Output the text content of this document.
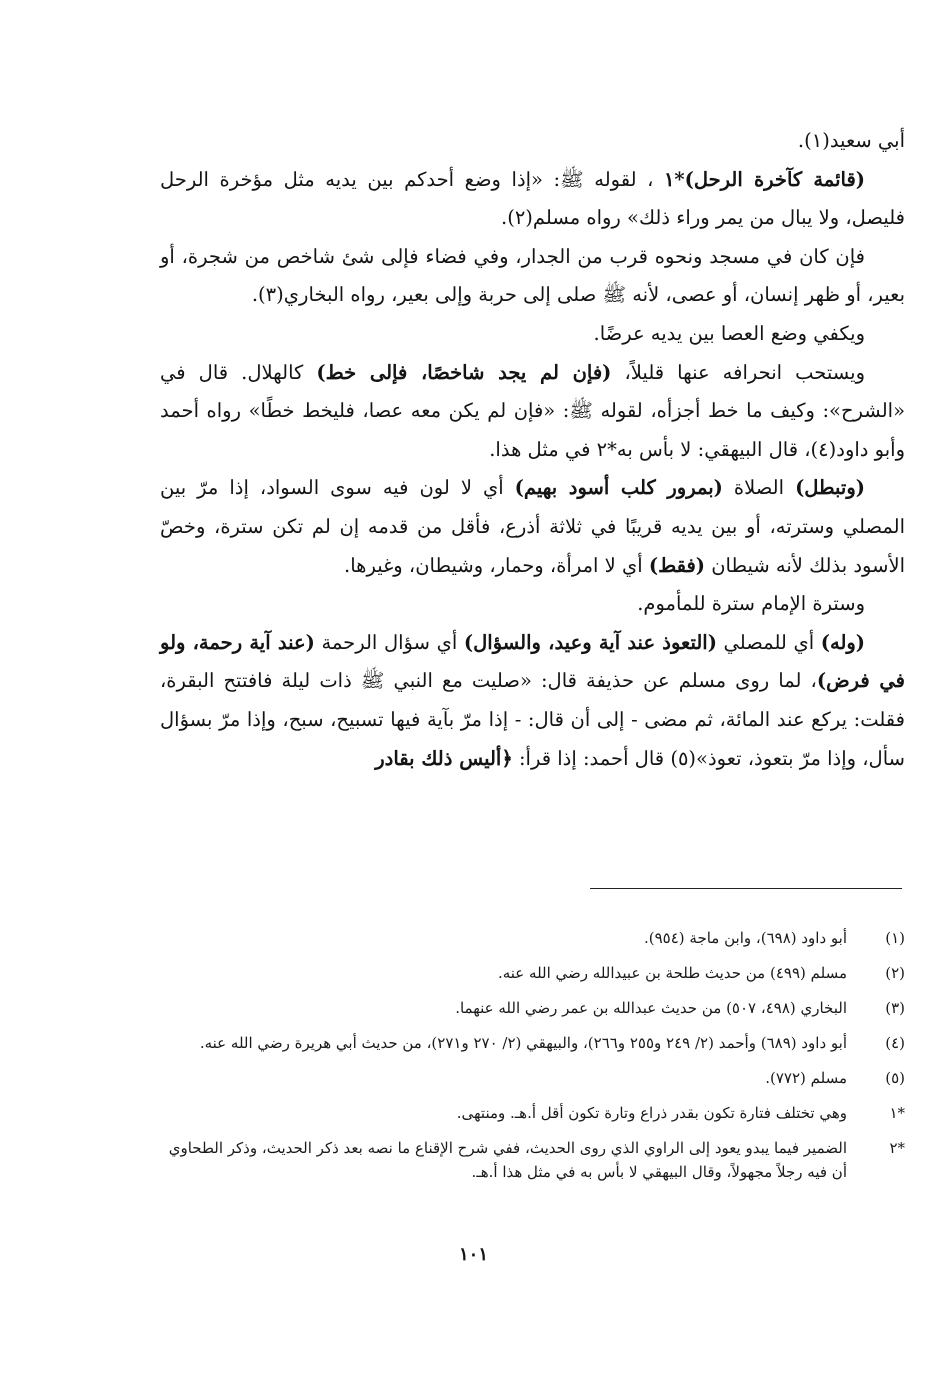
أبي سعيد(١).

(قائمة كآخرة الرحل)*١ ، لقوله ﷺ: «إذا وضع أحدكم بين يديه مثل مؤخرة الرحل فليصل، ولا يبال من يمر وراء ذلك» رواه مسلم(٢).

فإن كان في مسجد ونحوه قرب من الجدار، وفي فضاء فإلى شئ شاخص من شجرة، أو بعير، أو ظهر إنسان، أو عصى، لأنه ﷺ صلى إلى حربة وإلى بعير، رواه البخاري(٣).

ويكفي وضع العصا بين يديه عرضًا.

ويستحب انحرافه عنها قليلاً، (فإن لم يجد شاخصًا، فإلى خط) كالهلال. قال في «الشرح»: وكيف ما خط أجزأه، لقوله ﷺ: «فإن لم يكن معه عصا، فليخط خطًا» رواه أحمد وأبو داود(٤)، قال البيهقي: لا بأس به*٢ في مثل هذا.

(وتبطل) الصلاة (بمرور كلب أسود بهيم) أي لا لون فيه سوى السواد، إذا مرّ بين المصلي وسترته، أو بين يديه قريبًا في ثلاثة أذرع، فأقل من قدمه إن لم تكن سترة، وخصّ الأسود بذلك لأنه شيطان (فقط) أي لا امرأة، وحمار، وشيطان، وغيرها.

وسترة الإمام سترة للمأموم.

(وله) أي للمصلي (التعوذ عند آية وعيد، والسؤال) أي سؤال الرحمة (عند آية رحمة، ولو في فرض)، لما روى مسلم عن حذيفة قال: «صليت مع النبي ﷺ ذات ليلة فافتتح البقرة، فقلت: يركع عند المائة، ثم مضى - إلى أن قال: - إذا مرّ بآية فيها تسبيح، سبح، وإذا مرّ بسؤال سأل، وإذا مرّ بتعوذ، تعوذ»(٥) قال أحمد: إذا قرأ: ﴿أليس ذلك بقادر

(١)
أبو داود (٦٩٨)، وابن ماجة (٩٥٤).
(٢)
مسلم (٤٩٩) من حديث طلحة بن عبيدالله رضي الله عنه.
(٣)
البخاري (٤٩٨، ٥٠٧) من حديث عبدالله بن عمر رضي الله عنهما.
(٤)
أبو داود (٦٨٩) وأحمد (٢/ ٢٤٩ و٢٥٥ و٢٦٦)، والبيهقي (٢/ ٢٧٠ و٢٧١)، من حديث أبي هريرة رضي الله عنه.
(٥)
مسلم (٧٧٢).
*١
وهي تختلف فتارة تكون بقدر ذراع وتارة تكون أقل أ.هـ. ومنتهى.
*٢
الضمير فيما يبدو يعود إلى الراوي الذي روى الحديث، ففي شرح الإقناع ما نصه بعد ذكر الحديث، وذكر الطحاوي أن فيه رجلاً مجهولاً، وقال البيهقي لا بأس به في مثل هذا أ.هـ.
١٠١
